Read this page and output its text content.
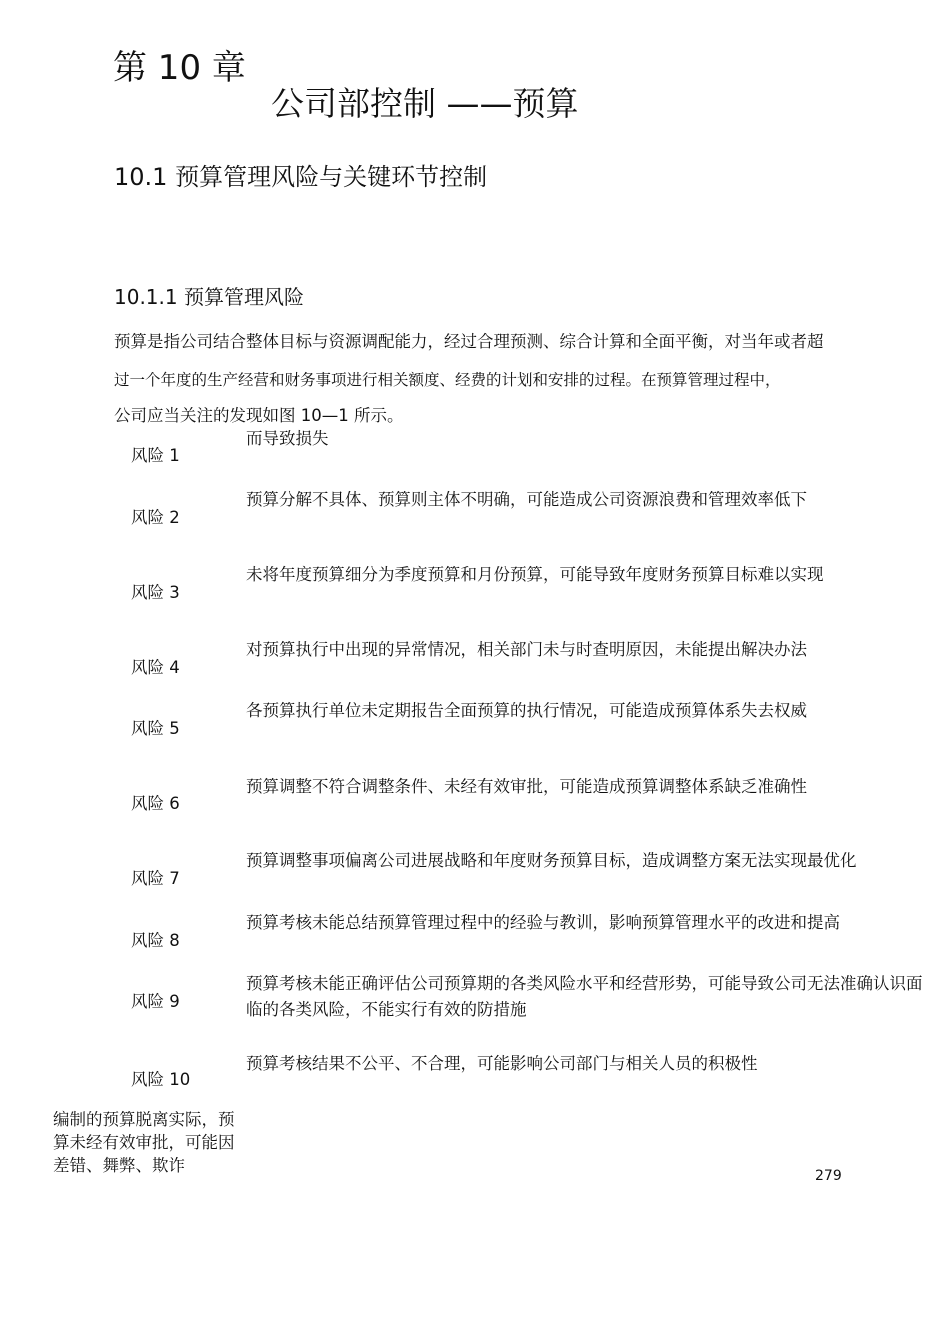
第 10 章
公司部控制 ——预算
10.1 预算管理风险与关键环节控制
10.1.1 预算管理风险
预算是指公司结合整体目标与资源调配能力，经过合理预测、综合计算和全面平衡，对当年或者超
过一个年度的生产经营和财务事项进行相关额度、经费的计划和安排的过程。在预算管理过程中，
公司应当关注的发现如图 10—1 所示。
而导致损失
风险 1
预算分解不具体、预算则主体不明确，可能造成公司资源浪费和管理效率低下
风险 2
未将年度预算细分为季度预算和月份预算，可能导致年度财务预算目标难以实现
风险 3
对预算执行中出现的异常情况，相关部门未与时查明原因，未能提出解决办法
风险 4
各预算执行单位未定期报告全面预算的执行情况，可能造成预算体系失去权威
风险 5
预算调整不符合调整条件、未经有效审批，可能造成预算调整体系缺乏准确性
风险 6
预算调整事项偏离公司进展战略和年度财务预算目标，造成调整方案无法实现最优化
风险 7
预算考核未能总结预算管理过程中的经验与教训，影响预算管理水平的改进和提高
风险 8
预算考核未能正确评估公司预算期的各类风险水平和经营形势，可能导致公司无法准确认识面临的各类风险，不能实行有效的防措施
风险 9
预算考核结果不公平、不合理，可能影响公司部门与相关人员的积极性
风险 10
编制的预算脱离实际，预算未经有效审批，可能因差错、舞弊、欺诈
279
